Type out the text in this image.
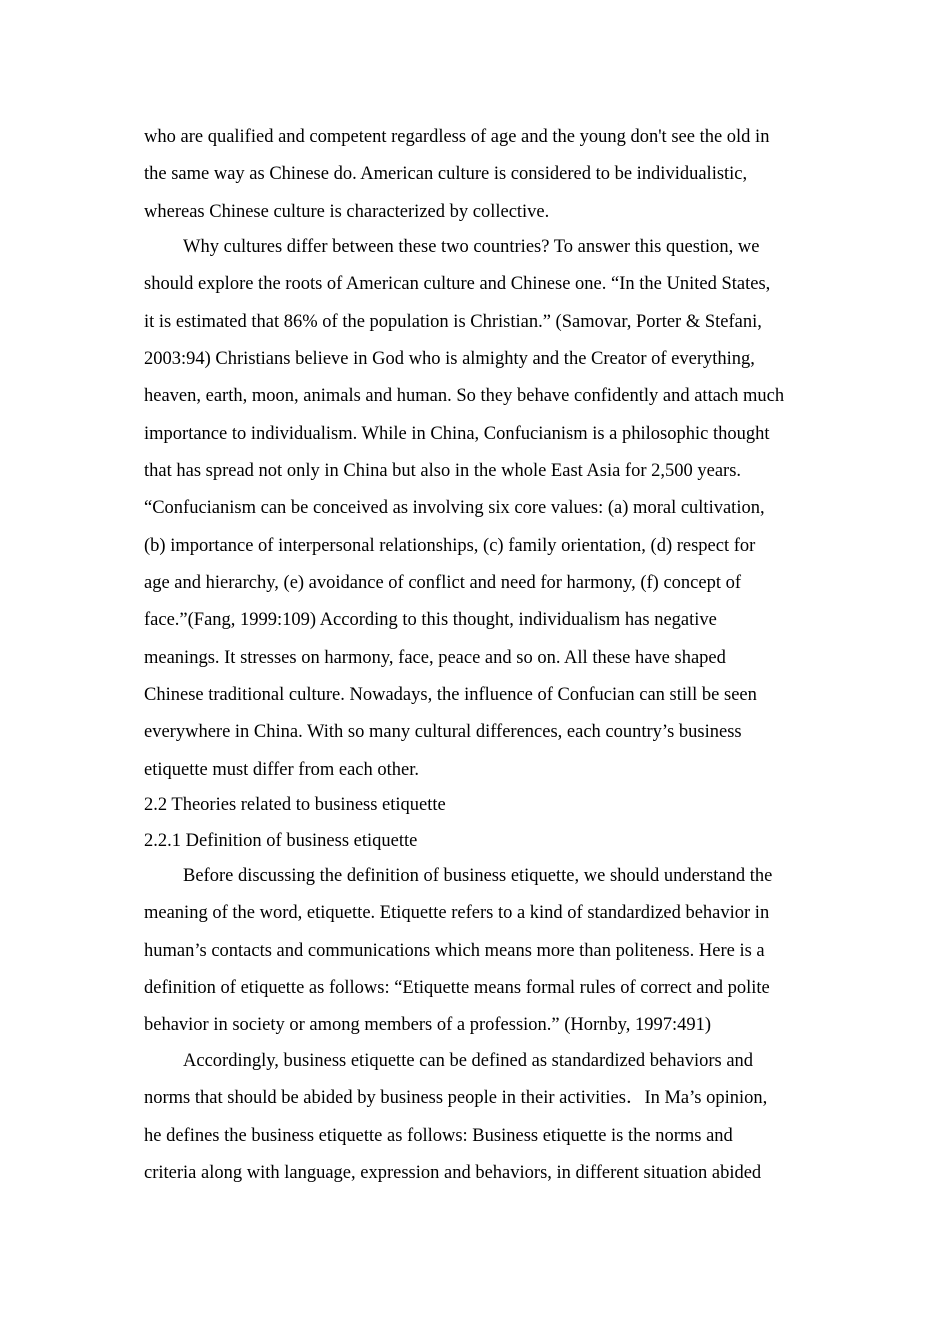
who are qualified and competent regardless of age and the young don't see the old in

the same way as Chinese do. American culture is considered to be individualistic,

whereas Chinese culture is characterized by collective.

Why cultures differ between these two countries? To answer this question, we

should explore the roots of American culture and Chinese one. “In the United States,

it is estimated that 86% of the population is Christian.” (Samovar, Porter & Stefani,

2003:94) Christians believe in God who is almighty and the Creator of everything,

heaven, earth, moon, animals and human. So they behave confidently and attach much

importance to individualism. While in China, Confucianism is a philosophic thought

that has spread not only in China but also in the whole East Asia for 2,500 years.

“Confucianism can be conceived as involving six core values: (a) moral cultivation,

(b) importance of interpersonal relationships, (c) family orientation, (d) respect for

age and hierarchy, (e) avoidance of conflict and need for harmony, (f) concept of

face.”(Fang, 1999:109) According to this thought, individualism has negative

meanings. It stresses on harmony, face, peace and so on. All these have shaped

Chinese traditional culture. Nowadays, the influence of Confucian can still be seen

everywhere in China. With so many cultural differences, each country’s business

etiquette must differ from each other.

2.2 Theories related to business etiquette

2.2.1 Definition of business etiquette

Before discussing the definition of business etiquette, we should understand the

meaning of the word, etiquette. Etiquette refers to a kind of standardized behavior in

human’s contacts and communications which means more than politeness. Here is a

definition of etiquette as follows: “Etiquette means formal rules of correct and polite

behavior in society or among members of a profession.” (Hornby, 1997:491)

Accordingly, business etiquette can be defined as standardized behaviors and

norms that should be abided by business people in their activities．In Ma’s opinion,

he defines the business etiquette as follows: Business etiquette is the norms and

criteria along with language, expression and behaviors, in different situation abided
